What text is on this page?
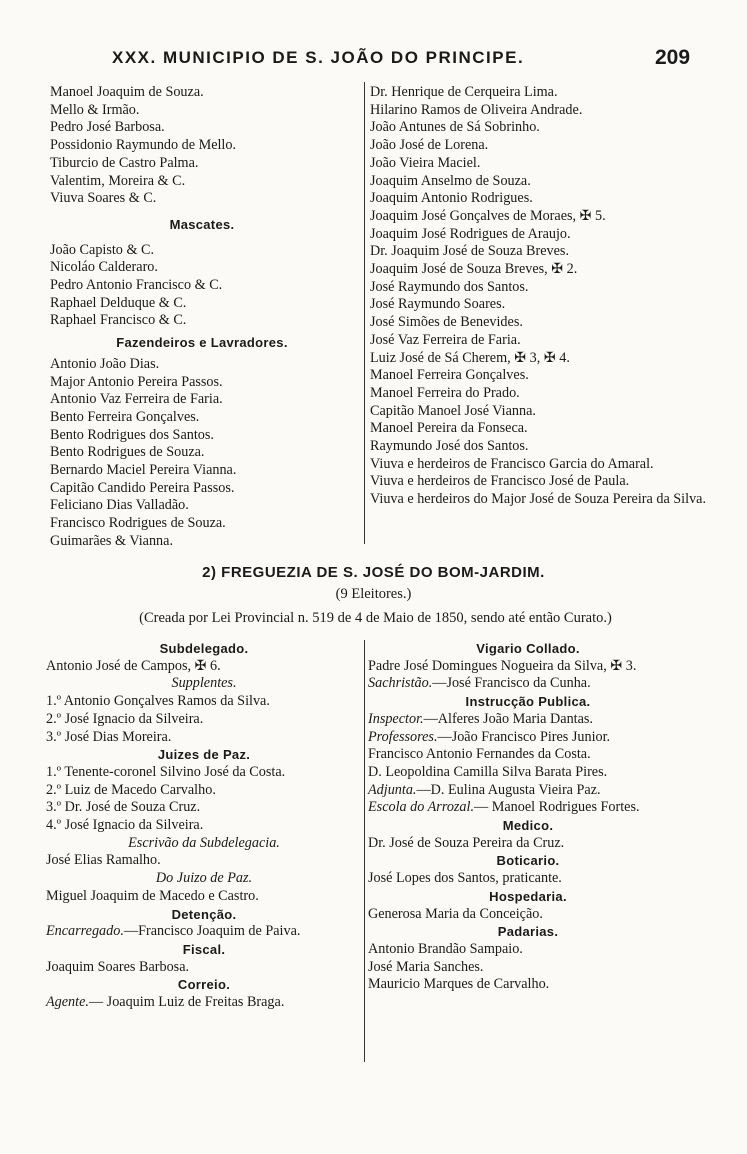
XXX. MUNICIPIO DE S. JOÃO DO PRINCIPE.	209
Manoel Joaquim de Souza.
Mello & Irmão.
Pedro José Barbosa.
Possidonio Raymundo de Mello.
Tiburcio de Castro Palma.
Valentim, Moreira & C.
Viuva Soares & C.
Mascates.
João Capisto & C.
Nicoláo Calderaro.
Pedro Antonio Francisco & C.
Raphael Delduque & C.
Raphael Francisco & C.
Fazendeiros e Lavradores.
Antonio João Dias.
Major Antonio Pereira Passos.
Antonio Vaz Ferreira de Faria.
Bento Ferreira Gonçalves.
Bento Rodrigues dos Santos.
Bento Rodrigues de Souza.
Bernardo Maciel Pereira Vianna.
Capitão Candido Pereira Passos.
Feliciano Dias Valladão.
Francisco Rodrigues de Souza.
Guimarães & Vianna.
Dr. Henrique de Cerqueira Lima.
Hilarino Ramos de Oliveira Andrade.
João Antunes de Sá Sobrinho.
João José de Lorena.
João Vieira Maciel.
Joaquim Anselmo de Souza.
Joaquim Antonio Rodrigues.
Joaquim José Gonçalves de Moraes, ✠ 5.
Joaquim José Rodrigues de Araujo.
Dr. Joaquim José de Souza Breves.
Joaquim José de Souza Breves, ✠ 2.
José Raymundo dos Santos.
José Raymundo Soares.
José Simões de Benevides.
José Vaz Ferreira de Faria.
Luiz José de Sá Cherem, ✠ 3, ✠ 4.
Manoel Ferreira Gonçalves.
Manoel Ferreira do Prado.
Capitão Manoel José Vianna.
Manoel Pereira da Fonseca.
Raymundo José dos Santos.
Viuva e herdeiros de Francisco Garcia do Amaral.
Viuva e herdeiros de Francisco José de Paula.
Viuva e herdeiros do Major José de Souza Pereira da Silva.
2) FREGUEZIA DE S. JOSÉ DO BOM-JARDIM.
(9 Eleitores.)
(Creada por Lei Provincial n. 519 de 4 de Maio de 1850, sendo até então Curato.)
Subdelegado.
Antonio José de Campos, ✠ 6.
Supplentes.
1.º Antonio Gonçalves Ramos da Silva.
2.º José Ignacio da Silveira.
3.º José Dias Moreira.
Juizes de Paz.
1.º Tenente-coronel Silvino José da Costa.
2.º Luiz de Macedo Carvalho.
3.º Dr. José de Souza Cruz.
4.º José Ignacio da Silveira.
Escrivão da Subdelegacia.
José Elias Ramalho.
Do Juizo de Paz.
Miguel Joaquim de Macedo e Castro.
Detenção.
Encarregado.—Francisco Joaquim de Paiva.
Fiscal.
Joaquim Soares Barbosa.
Correio.
Agente.— Joaquim Luiz de Freitas Braga.
Vigario Collado.
Padre José Domingues Nogueira da Silva, ✠ 3.
Sachristão.—José Francisco da Cunha.
Instrucção Publica.
Inspector.—Alferes João Maria Dantas.
Professores.—João Francisco Pires Junior.
Francisco Antonio Fernandes da Costa.
D. Leopoldina Camilla Silva Barata Pires.
Adjunta.—D. Eulina Augusta Vieira Paz.
Escola do Arrozal.— Manoel Rodrigues Fortes.
Medico.
Dr. José de Souza Pereira da Cruz.
Boticario.
José Lopes dos Santos, praticante.
Hospedaria.
Generosa Maria da Conceição.
Padarias.
Antonio Brandão Sampaio.
José Maria Sanches.
Mauricio Marques de Carvalho.
